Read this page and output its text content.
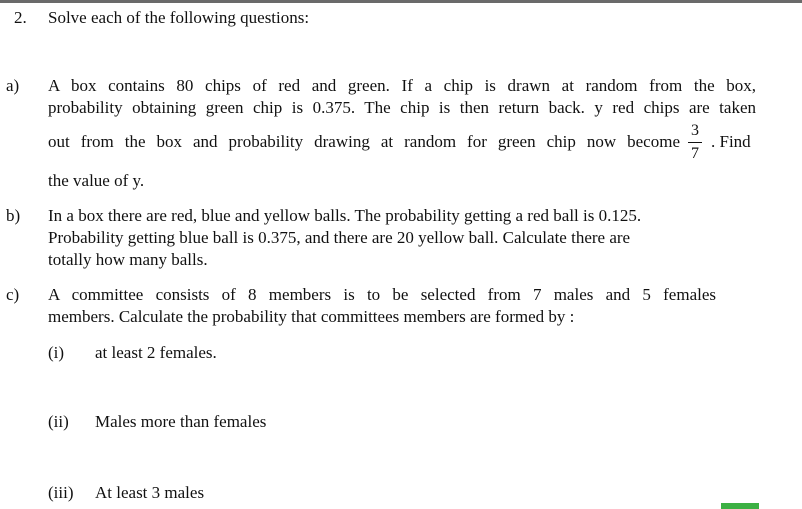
2. Solve each of the following questions:
a) A box contains 80 chips of red and green. If a chip is drawn at random from the box,
probability obtaining green chip is 0.375. The chip is then return back. y red chips are taken
out from the box and probability drawing at random for green chip now become
3
7
. Find
the value of y.
b) In a box there are red, blue and yellow balls. The probability getting a red ball is 0.125.
Probability getting blue ball is 0.375, and there are 20 yellow ball. Calculate there are
totally how many balls.
c) A committee consists of 8 members is to be selected from 7 males and 5 females
members. Calculate the probability that committees members are formed by :
(i) at least 2 females.
(ii) Males more than females
(iii) At least 3 males
